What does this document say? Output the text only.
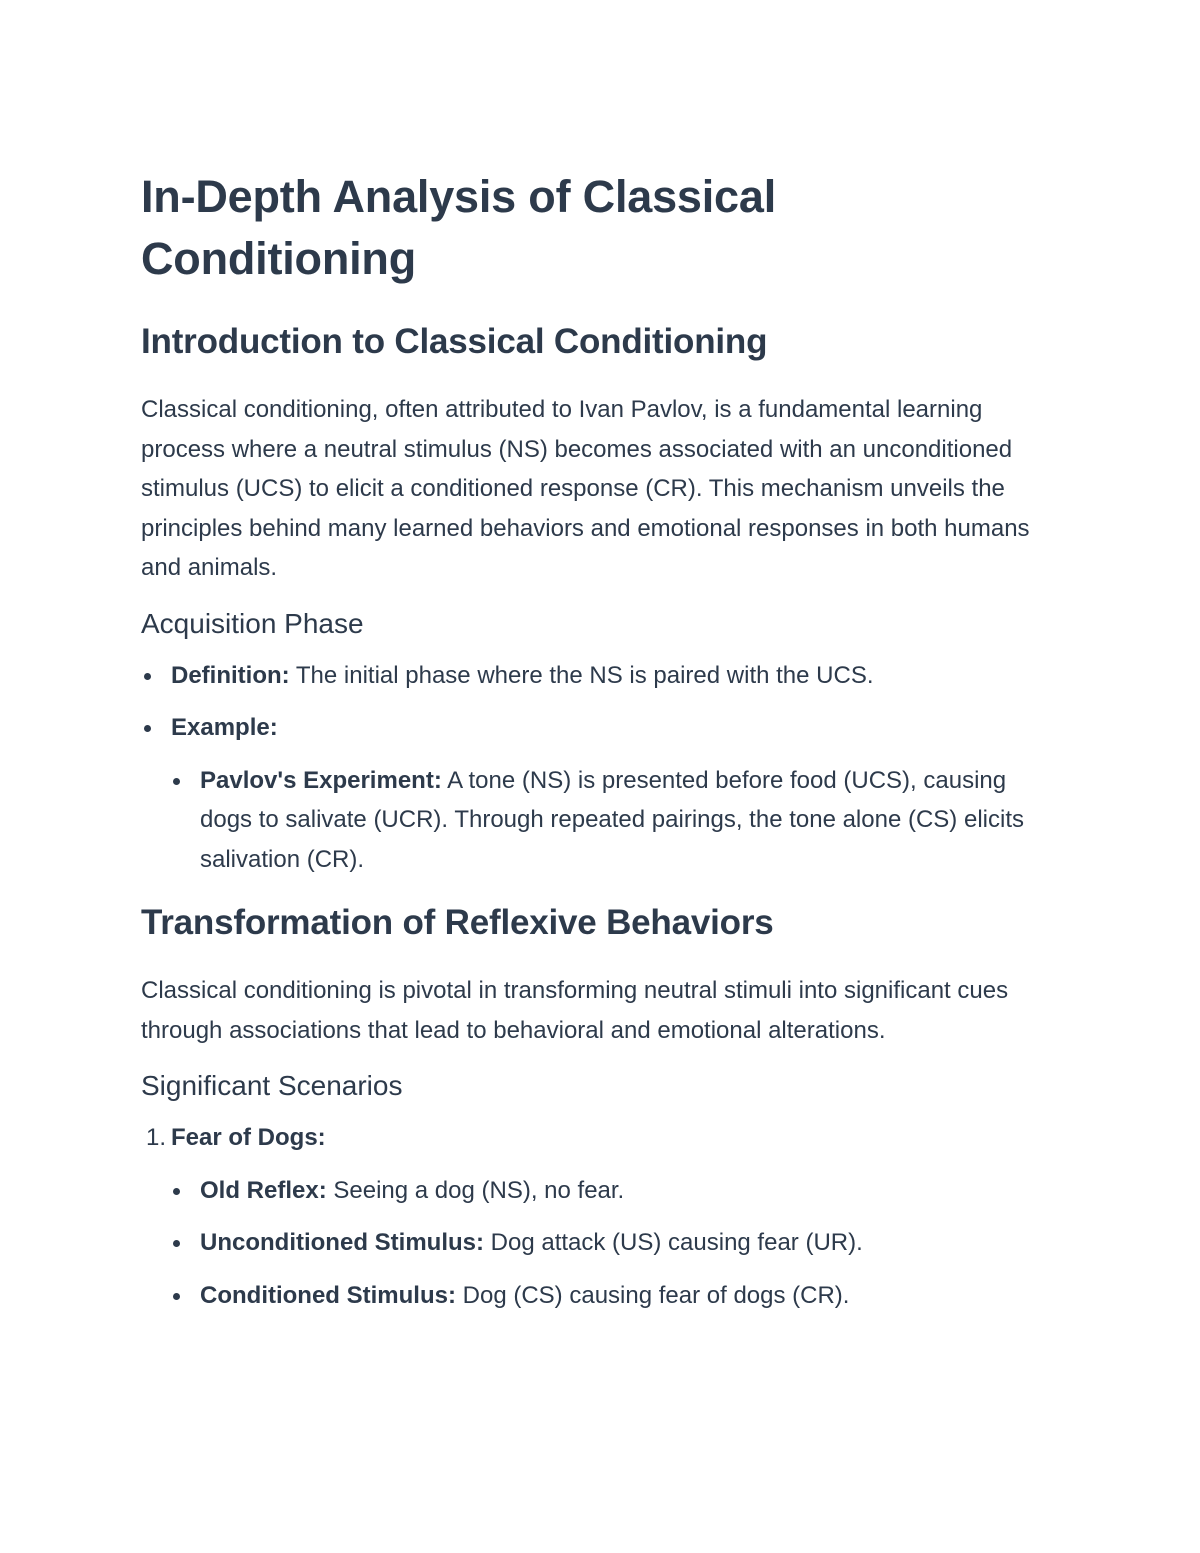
In-Depth Analysis of Classical Conditioning
Introduction to Classical Conditioning

Classical conditioning, often attributed to Ivan Pavlov, is a fundamental learning process where a neutral stimulus (NS) becomes associated with an unconditioned stimulus (UCS) to elicit a conditioned response (CR). This mechanism unveils the principles behind many learned behaviors and emotional responses in both humans and animals.

Acquisition Phase
Definition: The initial phase where the NS is paired with the UCS.
Example:
Pavlov's Experiment: A tone (NS) is presented before food (UCS), causing dogs to salivate (UCR). Through repeated pairings, the tone alone (CS) elicits salivation (CR).
Transformation of Reflexive Behaviors

Classical conditioning is pivotal in transforming neutral stimuli into significant cues through associations that lead to behavioral and emotional alterations.

Significant Scenarios
1. Fear of Dogs:
Old Reflex: Seeing a dog (NS), no fear.
Unconditioned Stimulus: Dog attack (US) causing fear (UR).
Conditioned Stimulus: Dog (CS) causing fear of dogs (CR).
